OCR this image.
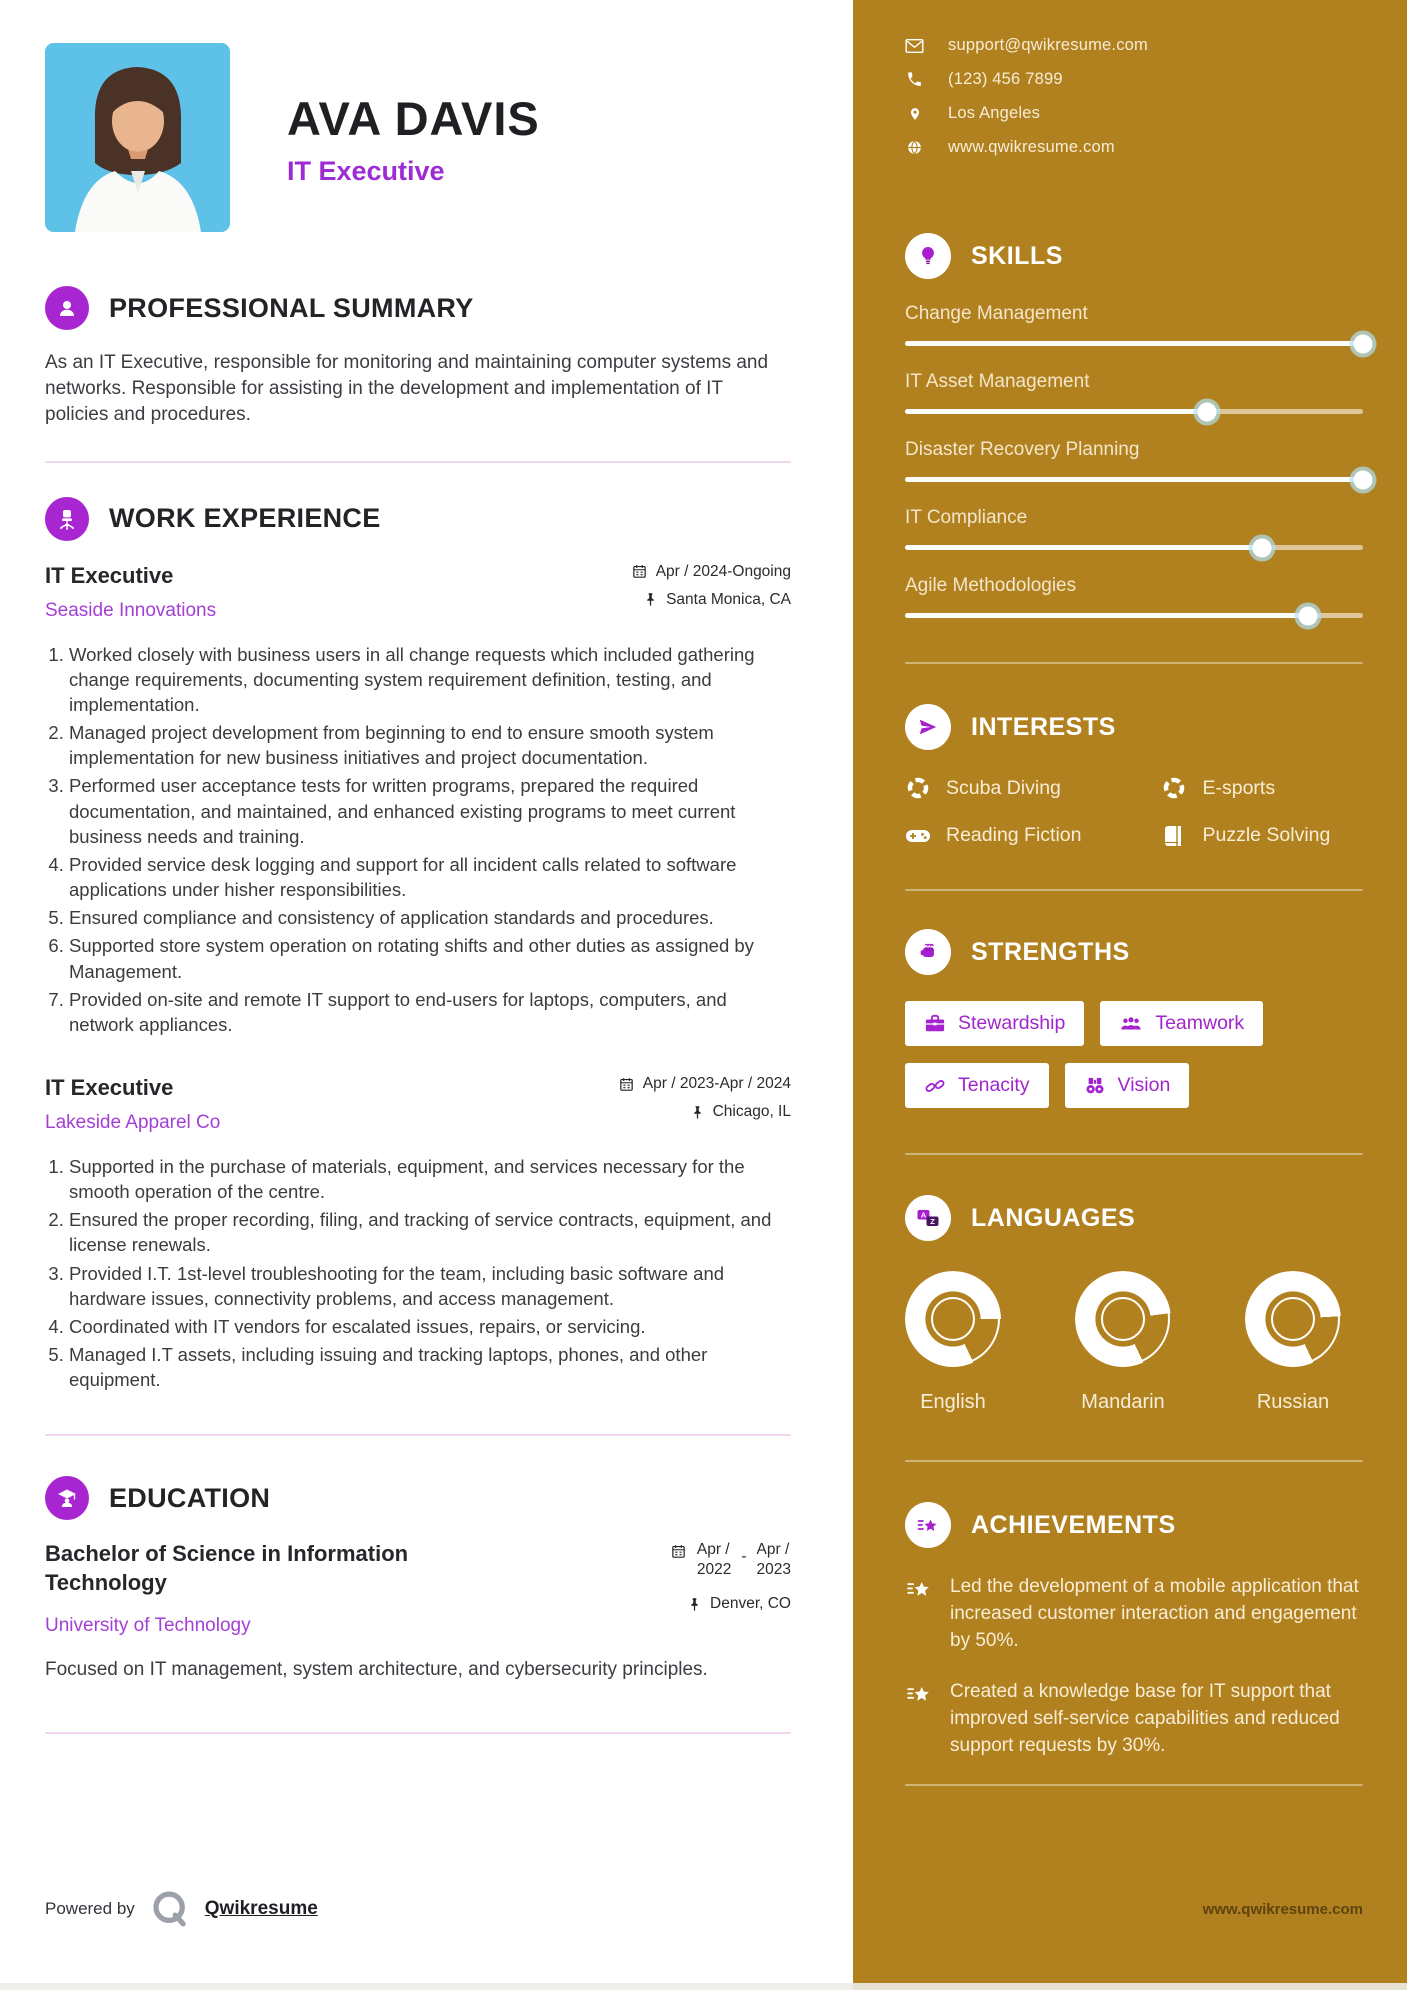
AVA DAVIS
IT Executive
PROFESSIONAL SUMMARY

As an IT Executive, responsible for monitoring and maintaining computer systems and networks. Responsible for assisting in the development and implementation of IT policies and procedures.

WORK EXPERIENCE
IT Executive
Seaside Innovations
Apr / 2024-Ongoing
Santa Monica, CA
1. Worked closely with business users in all change requests which included gathering change requirements, documenting system requirement definition, testing, and implementation.
2. Managed project development from beginning to end to ensure smooth system implementation for new business initiatives and project documentation.
3. Performed user acceptance tests for written programs, prepared the required documentation, and maintained, and enhanced existing programs to meet current business needs and training.
4. Provided service desk logging and support for all incident calls related to software applications under hisher responsibilities.
5. Ensured compliance and consistency of application standards and procedures.
6. Supported store system operation on rotating shifts and other duties as assigned by Management.
7. Provided on-site and remote IT support to end-users for laptops, computers, and network appliances.
IT Executive
Lakeside Apparel Co
Apr / 2023-Apr / 2024
Chicago, IL
1. Supported in the purchase of materials, equipment, and services necessary for the smooth operation of the centre.
2. Ensured the proper recording, filing, and tracking of service contracts, equipment, and license renewals.
3. Provided I.T. 1st-level troubleshooting for the team, including basic software and hardware issues, connectivity problems, and access management.
4. Coordinated with IT vendors for escalated issues, repairs, or servicing.
5. Managed I.T assets, including issuing and tracking laptops, phones, and other equipment.
EDUCATION
Bachelor of Science in Information Technology
Apr /
2022
- Apr /
2023
Denver, CO
University of Technology

Focused on IT management, system architecture, and cybersecurity principles.

Powered by	Qwikresume
support@qwikresume.com
(123) 456 7899
Los Angeles
www.qwikresume.com
SKILLS
Change Management
IT Asset Management
Disaster Recovery Planning
IT Compliance
Agile Methodologies
INTERESTS
Scuba Diving	E-sports
Reading Fiction	Puzzle Solving
STRENGTHS
Stewardship	Teamwork
Tenacity	Vision
A
Z LANGUAGES
English	Mandarin	Russian
ACHIEVEMENTS

Led the development of a mobile application that increased customer interaction and engagement by 50%.

Created a knowledge base for IT support that improved self-service capabilities and reduced support requests by 30%.

www.qwikresume.com
